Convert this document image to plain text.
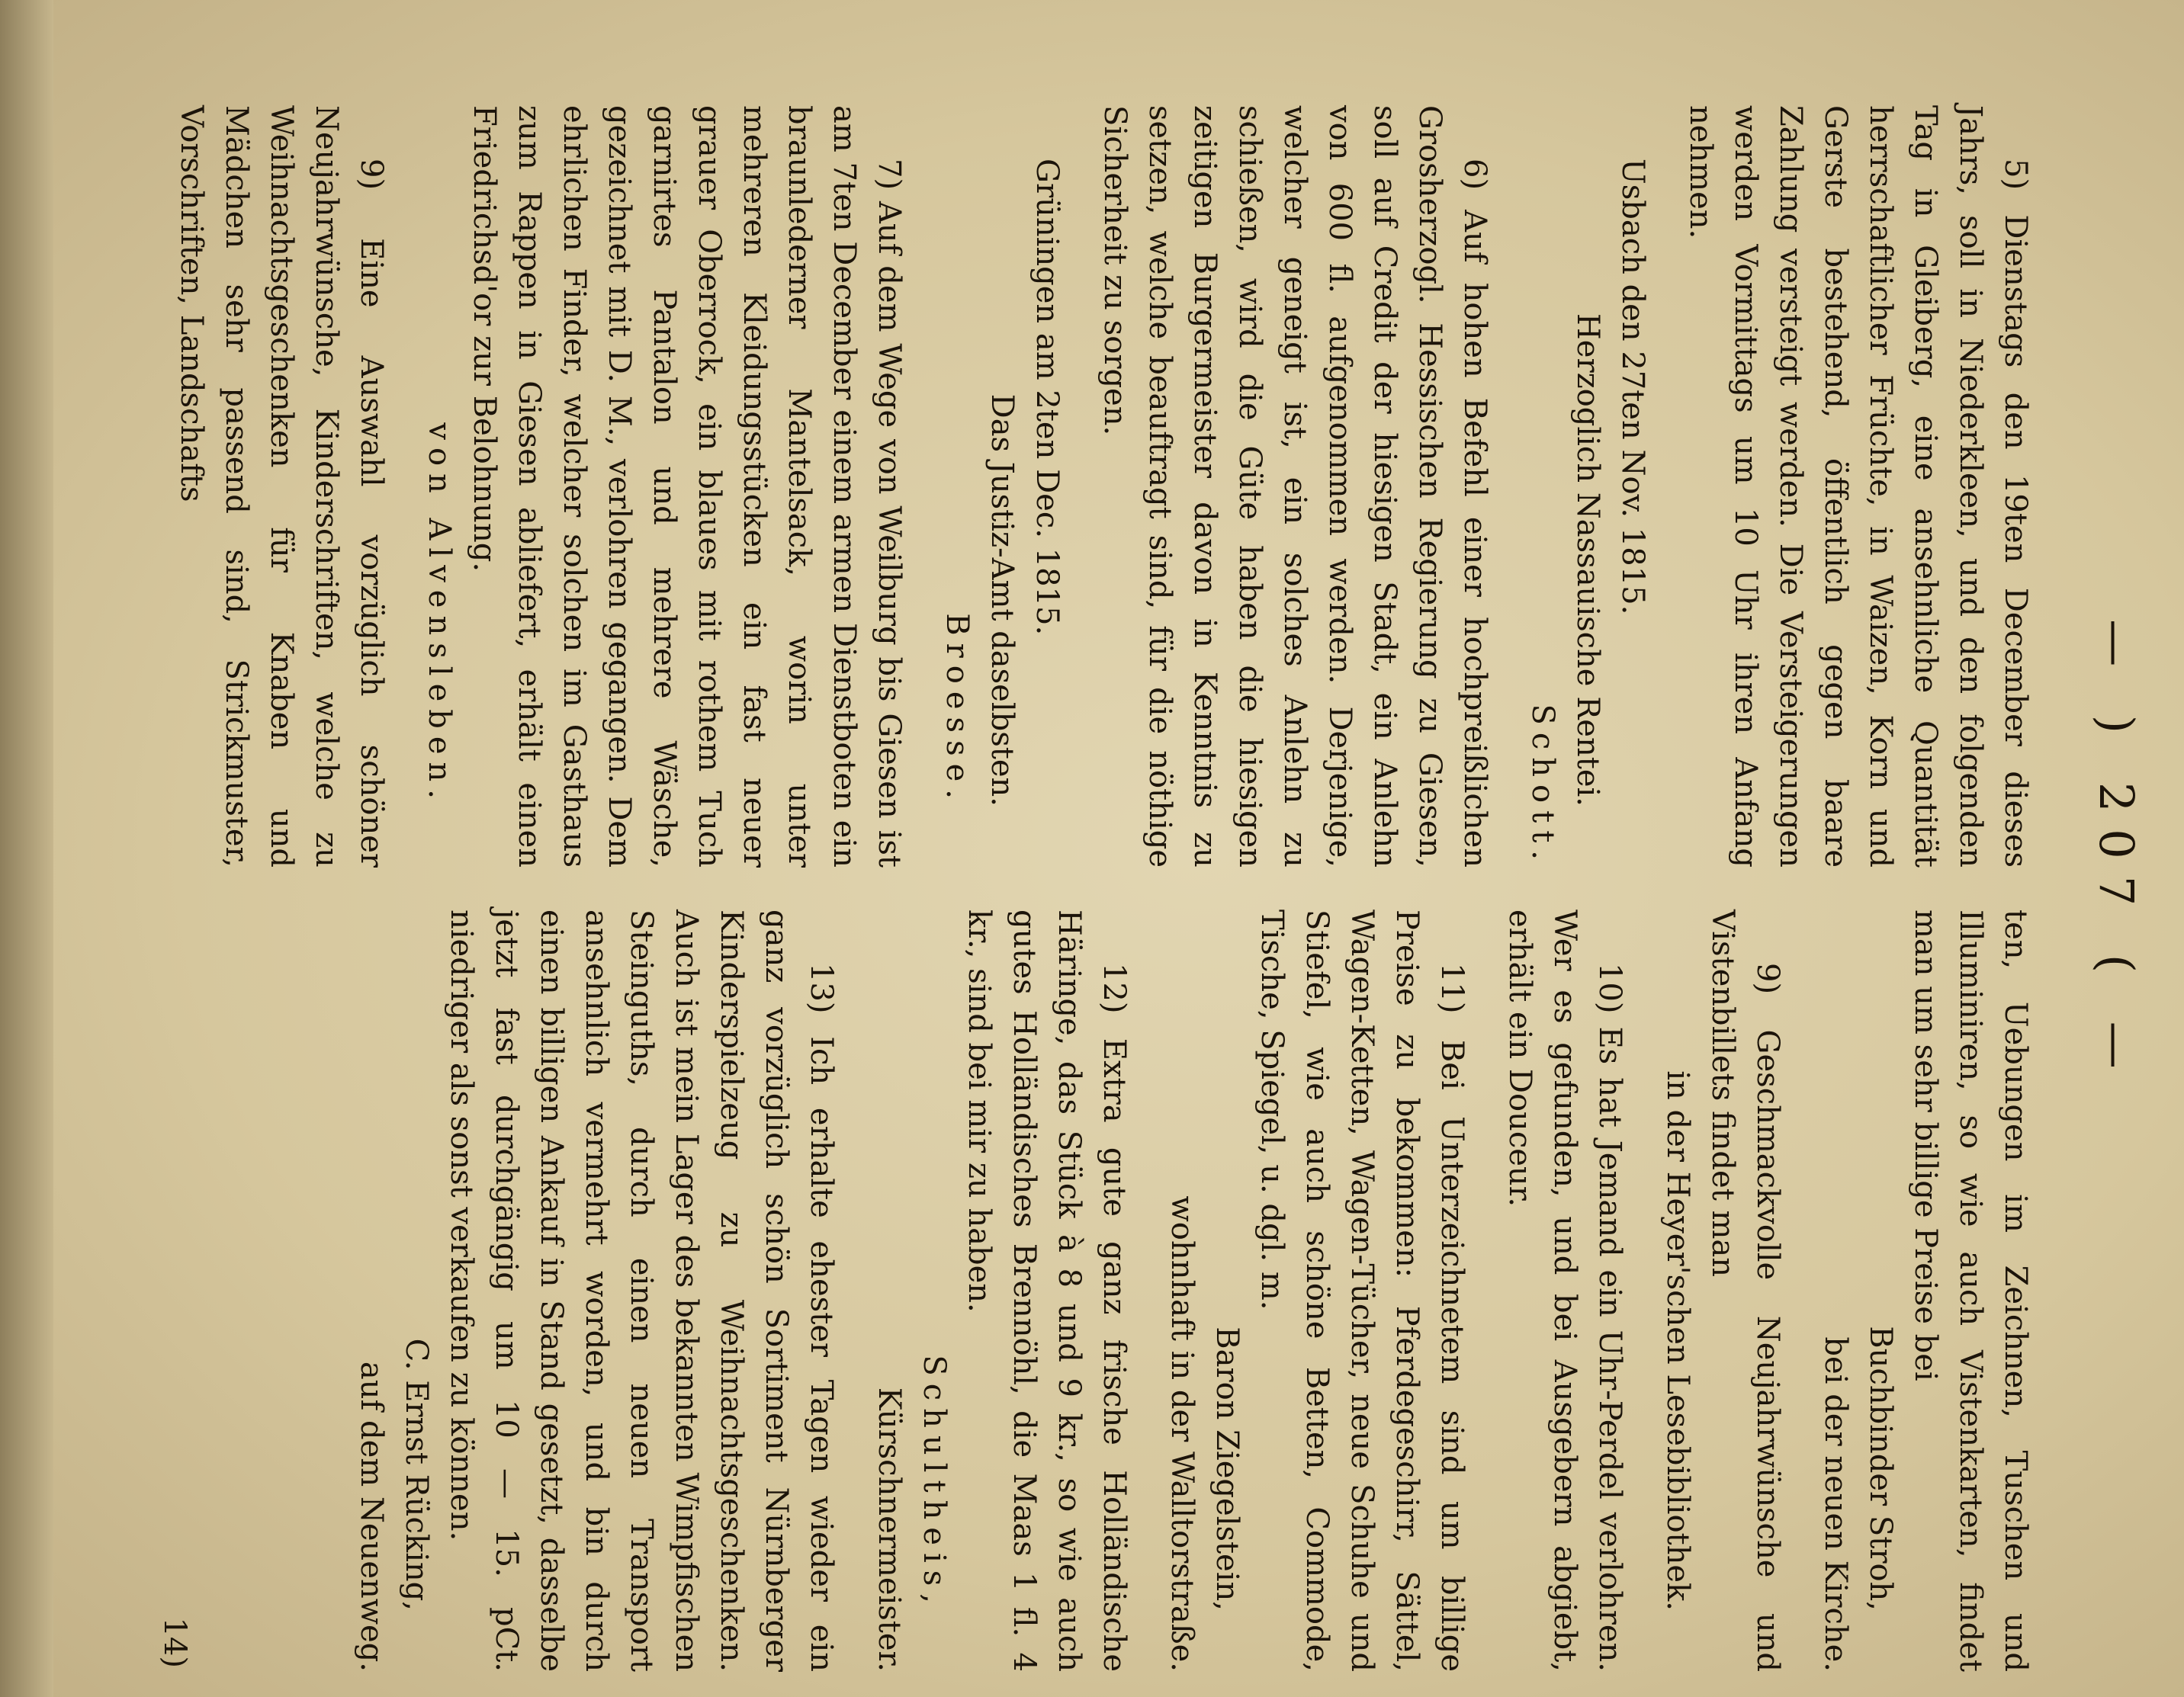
— ) 207 ( —

5) Dienstags den 19ten December dieses Jahrs, soll in Niederkleen, und den folgenden Tag in Gleiberg, eine ansehnliche Quantität herrschaftlicher Früchte, in Waizen, Korn und Gerste bestehend, öffentlich gegen baare Zahlung versteigt werden. Die Versteigerungen werden Vormittags um 10 Uhr ihren Anfang nehmen.

Usbach den 27ten Nov. 1815.

Herzoglich Nassauische Rentei.

Schott.

6) Auf hohen Befehl einer hochpreißlichen Grosherzogl. Hessischen Regierung zu Giesen, soll auf Credit der hiesigen Stadt, ein Anlehn von 600 fl. aufgenommen werden. Derjenige, welcher geneigt ist, ein solches Anlehn zu schießen, wird die Güte haben die hiesigen zeitigen Burgermeister davon in Kenntnis zu setzen, welche beauftragt sind, für die nöthige Sicherheit zu sorgen.

Grüningen am 2ten Dec. 1815.

Das Justiz-Amt daselbsten.

Broesse.

7) Auf dem Wege von Weilburg bis Giesen ist am 7ten December einem armen Dienstboten ein braunlederner Mantelsack, worin unter mehreren Kleidungsstücken ein fast neuer grauer Oberrock, ein blaues mit rothem Tuch garnirtes Pantalon und mehrere Wäsche, gezeichnet mit D. M., verlohren gegangen. Dem ehrlichen Finder, welcher solchen im Gasthaus zum Rappen in Giesen abliefert, erhält einen Friedrichsd'or zur Belohnung.

von Alvensleben.

9) Eine Auswahl vorzüglich schöner Neujahrwünsche, Kinderschriften, welche zu Weihnachtsgeschenken für Knaben und Mädchen sehr passend sind, Strickmuster, Vorschriften, Landschafts

ten, Uebungen im Zeichnen, Tuschen und Illuminiren, so wie auch Vistenkarten, findet man um sehr billige Preise bei

Buchbinder Stroh,

bei der neuen Kirche.

9) Geschmackvolle Neujahrwünsche und Vistenbillets findet man

in der Heyer'schen Lesebibliothek.

10) Es hat Jemand ein Uhr-Perdel verlohren. Wer es gefunden, und bei Ausgebern abgiebt, erhält ein Douceur.

11) Bei Unterzeichnetem sind um billige Preise zu bekommen: Pferdegeschirr, Sättel, Wagen-Ketten, Wagen-Tücher, neue Schuhe und Stiefel, wie auch schöne Betten, Commode, Tische, Spiegel, u. dgl. m.

Baron Ziegelstein,

wohnhaft in der Walltorstraße.

12) Extra gute ganz frische Holländische Häringe, das Stück à 8 und 9 kr., so wie auch gutes Holländisches Brennöhl, die Maas 1 fl. 4 kr., sind bei mir zu haben.

Schultheis,

Kürschnermeister.

13) Ich erhalte ehester Tagen wieder ein ganz vorzüglich schön Sortiment Nürnberger Kinderspielzeug zu Weihnachtsgeschenken. Auch ist mein Lager des bekannten Wimpfischen Steinguths, durch einen neuen Transport ansehnlich vermehrt worden, und bin durch einen billigen Ankauf in Stand gesetzt, dasselbe jetzt fast durchgängig um 10 — 15. pCt. niedriger als sonst verkaufen zu können.

C. Ernst Rücking,

auf dem Neuenweg.

14)
